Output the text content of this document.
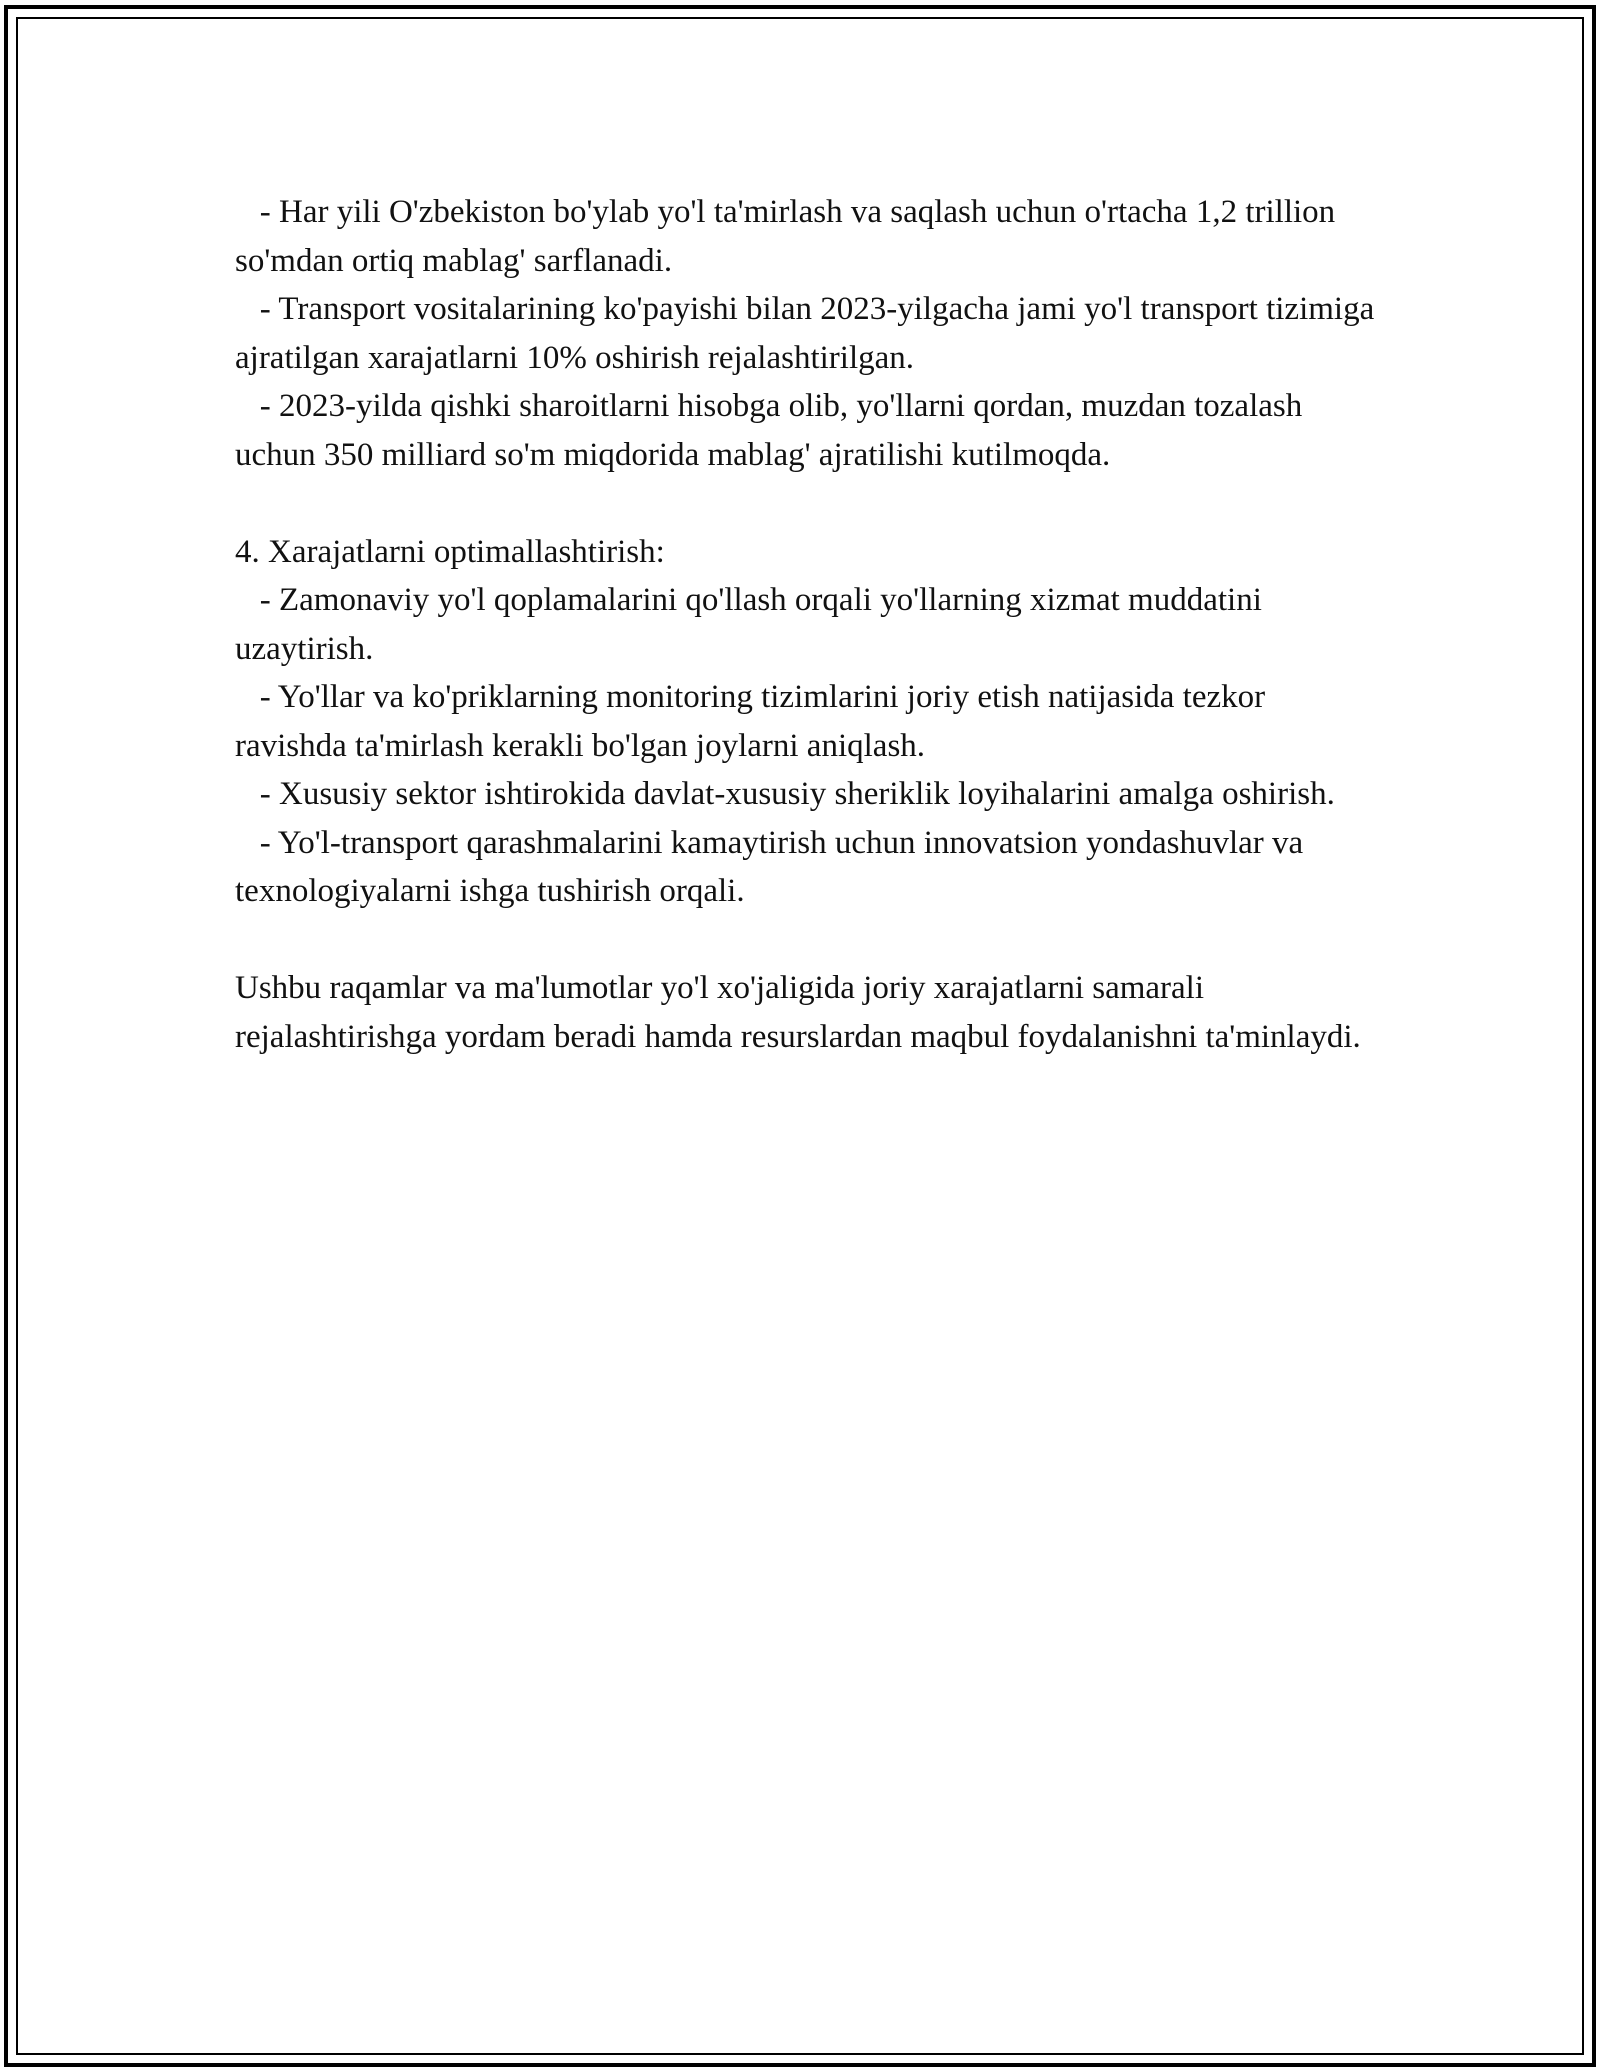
- Har yili O'zbekiston bo'ylab yo'l ta'mirlash va saqlash uchun o'rtacha 1,2 trillion so'mdan ortiq mablag' sarflanadi.

- Transport vositalarining ko'payishi bilan 2023-yilgacha jami yo'l transport tizimiga ajratilgan xarajatlarni 10% oshirish rejalashtirilgan.

- 2023-yilda qishki sharoitlarni hisobga olib, yo'llarni qordan, muzdan tozalash uchun 350 milliard so'm miqdorida mablag' ajratilishi kutilmoqda.

4. Xarajatlarni optimallashtirish:

- Zamonaviy yo'l qoplamalarini qo'llash orqali yo'llarning xizmat muddatini uzaytirish.

- Yo'llar va ko'priklarning monitoring tizimlarini joriy etish natijasida tezkor ravishda ta'mirlash kerakli bo'lgan joylarni aniqlash.

- Xususiy sektor ishtirokida davlat-xususiy sheriklik loyihalarini amalga oshirish.

- Yo'l-transport qarashmalarini kamaytirish uchun innovatsion yondashuvlar va texnologiyalarni ishga tushirish orqali.

Ushbu raqamlar va ma'lumotlar yo'l xo'jaligida joriy xarajatlarni samarali rejalashtirishga yordam beradi hamda resurslardan maqbul foydalanishni ta'minlaydi.
